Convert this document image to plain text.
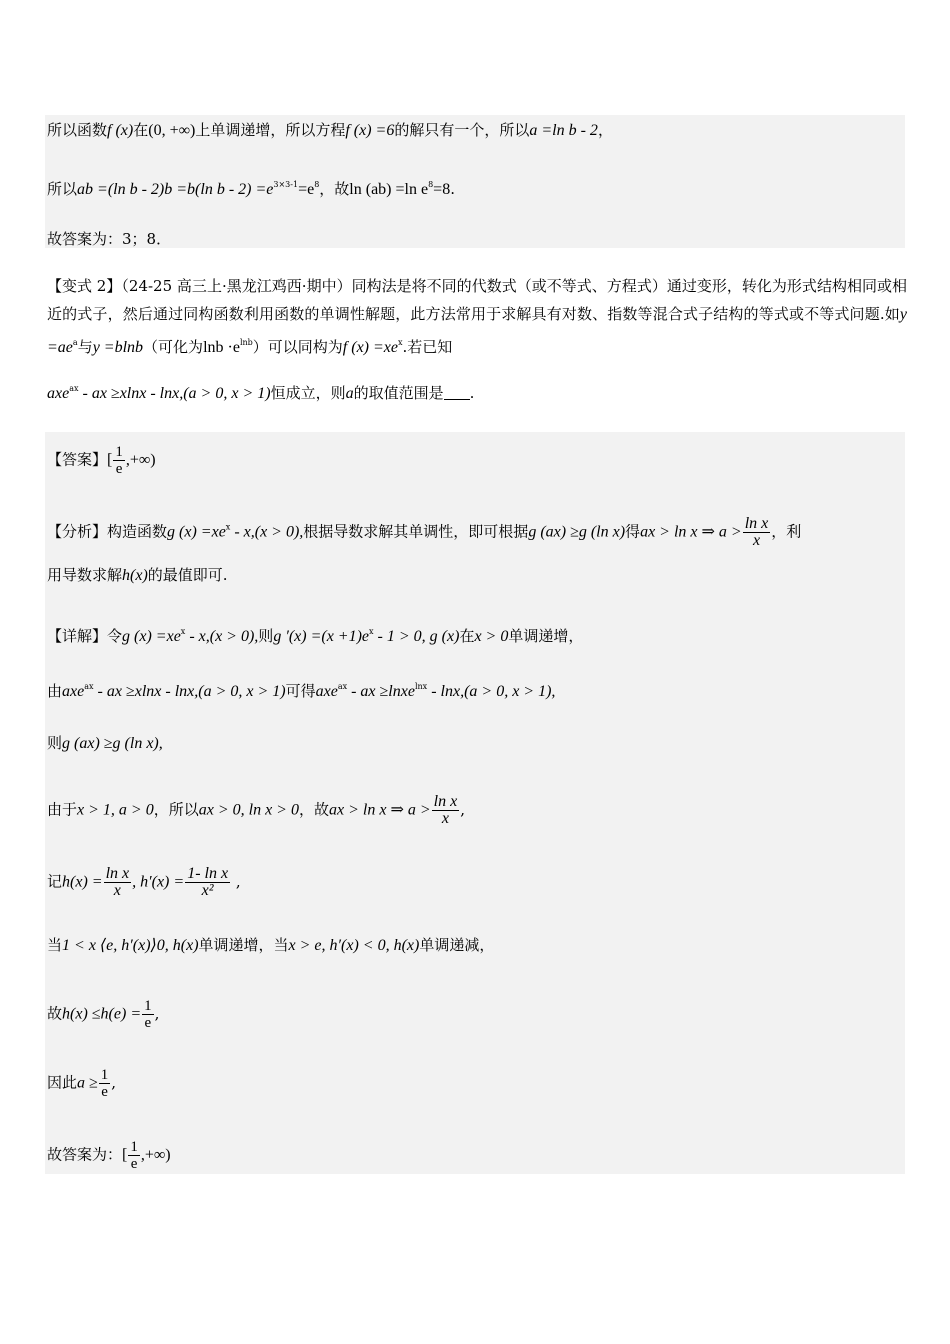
所以函数f (x)在(0, +∞)上单调递增，所以方程f (x) =6的解只有一个，所以a =ln b - 2，
所以ab =(ln b - 2)b =b(ln $b - 2) =e^{3\times 3-1}=e^8$，故ln (ab) =ln $e^8=8$.
故答案为：3；8．
【变式 2】（24-25 高三上·黑龙江鸡西·期中）同构法是将不同的代数式（或不等式、方程式）通过变形，转化为形式结构相同或相近的式子，然后通过同构函数利用函数的单调性解题，此方法常用于求解具有对数、指数等混合式子结构的等式或不等式问题.如$y =ae^a$与y =blnb（可化为$\ln b \cdot e^{lnb}$）可以同构为f $(x) =xe^x$.若已知
axe$^{ax}$ - ax ≥xlnx - lnx,(a > 0, x > 1)恒成立，则a的取值范围是 .
【答案】[ $\frac{1}{e}$ ,+∞)
【分析】构造函数g $(x) =xe^x - x,(x > 0)$,根据导数求解其单调性，即可根据g (ax) ≥g (ln x)得ax > ln x ⇒ $a > \frac{\text{ln x}}{x}$ ，利
用导数求解h(x)的最值即可.
【详解】令g $(x) =xe^x - x,(x > 0)$,则g $'(x) =(x +1)e^x - 1 > 0$, g (x)在x > 0单调递增，
由axe$^{ax}$ - ax ≥xlnx - lnx,(a > 0, x > 1)可得axe$^{ax}$ - ax ≥lnxe$^{lnx}$ - lnx,(a > 0, x > 1),
则g (ax) ≥g (ln x),
由于x > 1, a > 0，所以ax > 0, ln x > 0，故ax > ln x ⇒ $a > \frac{\text{ln x}}{x}$ ,
记$h(x) = \frac{\text{ln x}}{x}$ , $h'(x) = \frac{\text{1- ln x}}{\text{x²}}$ ,
当1 < x ⟨e, h′(x)⟩0, h(x)单调递增，当x > e, h′(x) < 0, h(x)单调递减，
故$h(x) \le h(e) = \frac{1}{e}$ ,
因此$a \ge \frac{1}{e}$ ,
故答案为：[ $\frac{1}{e}$ ,+∞)
